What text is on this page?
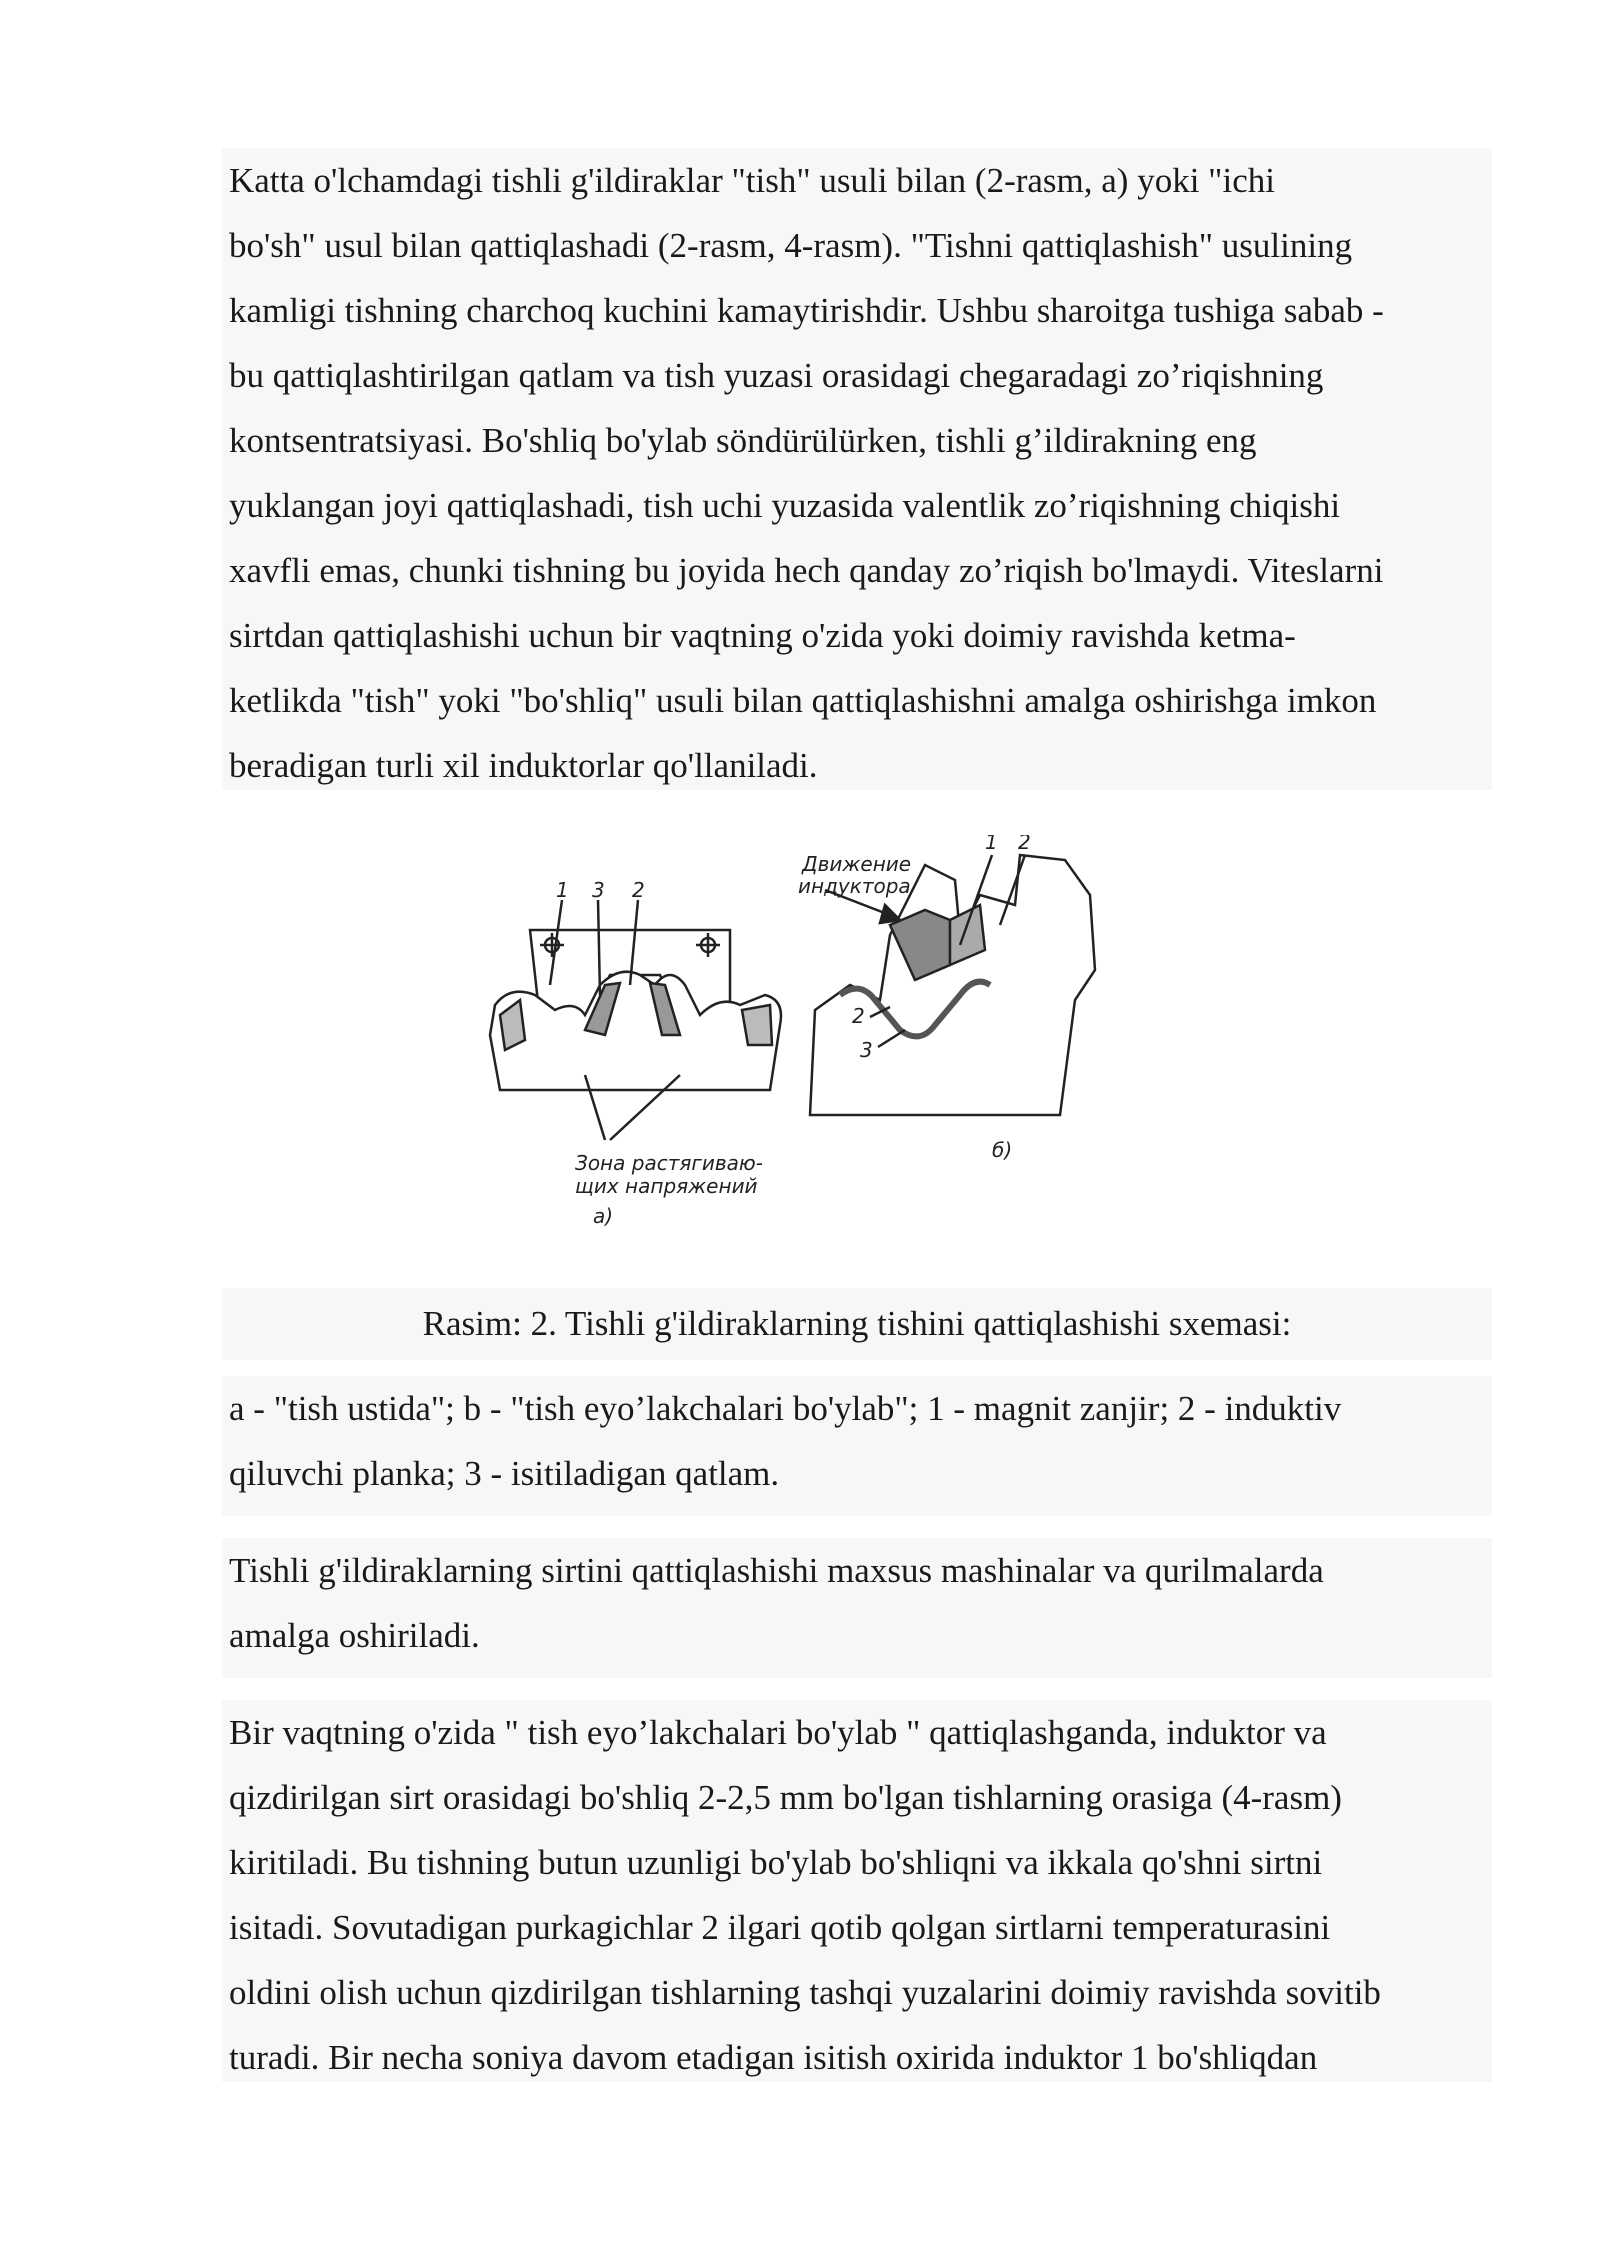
Katta o'lchamdagi tishli g'ildiraklar "tish" usuli bilan (2-rasm, a) yoki "ichi
bo'sh" usul bilan qattiqlashadi (2-rasm, 4-rasm). "Tishni qattiqlashish" usulining
kamligi tishning charchoq kuchini kamaytirishdir. Ushbu sharoitga tushiga sabab -
bu qattiqlashtirilgan qatlam va tish yuzasi orasidagi chegaradagi zo’riqishning
kontsentratsiyasi. Bo'shliq bo'ylab söndürülürken, tishli g’ildirakning eng
yuklangan joyi qattiqlashadi, tish uchi yuzasida valentlik zo’riqishning chiqishi
xavfli emas, chunki tishning bu joyida hech qanday zo’riqish bo'lmaydi. Viteslarni
sirtdan qattiqlashishi uchun bir vaqtning o'zida yoki doimiy ravishda ketma-
ketlikda "tish" yoki "bo'shliq" usuli bilan qattiqlashishni amalga oshirishga imkon
beradigan turli xil induktorlar qo'llaniladi.

1 3 2
Зона растягиваю-
щих напряжений
а)
Движение
индуктора
1 2
2
3
б)

Rasim: 2. Tishli g'ildiraklarning tishini qattiqlashishi sxemasi:

a - "tish ustida"; b - "tish eyo’lakchalari bo'ylab"; 1 - magnit zanjir; 2 - induktiv
qiluvchi planka; 3 - isitiladigan qatlam.

Tishli g'ildiraklarning sirtini qattiqlashishi maxsus mashinalar va qurilmalarda
amalga oshiriladi.

Bir vaqtning o'zida " tish eyo’lakchalari bo'ylab " qattiqlashganda, induktor va
qizdirilgan sirt orasidagi bo'shliq 2-2,5 mm bo'lgan tishlarning orasiga (4-rasm)
kiritiladi. Bu tishning butun uzunligi bo'ylab bo'shliqni va ikkala qo'shni sirtni
isitadi. Sovutadigan purkagichlar 2 ilgari qotib qolgan sirtlarni temperaturasini
oldini olish uchun qizdirilgan tishlarning tashqi yuzalarini doimiy ravishda sovitib
turadi. Bir necha soniya davom etadigan isitish oxirida induktor 1 bo'shliqdan
